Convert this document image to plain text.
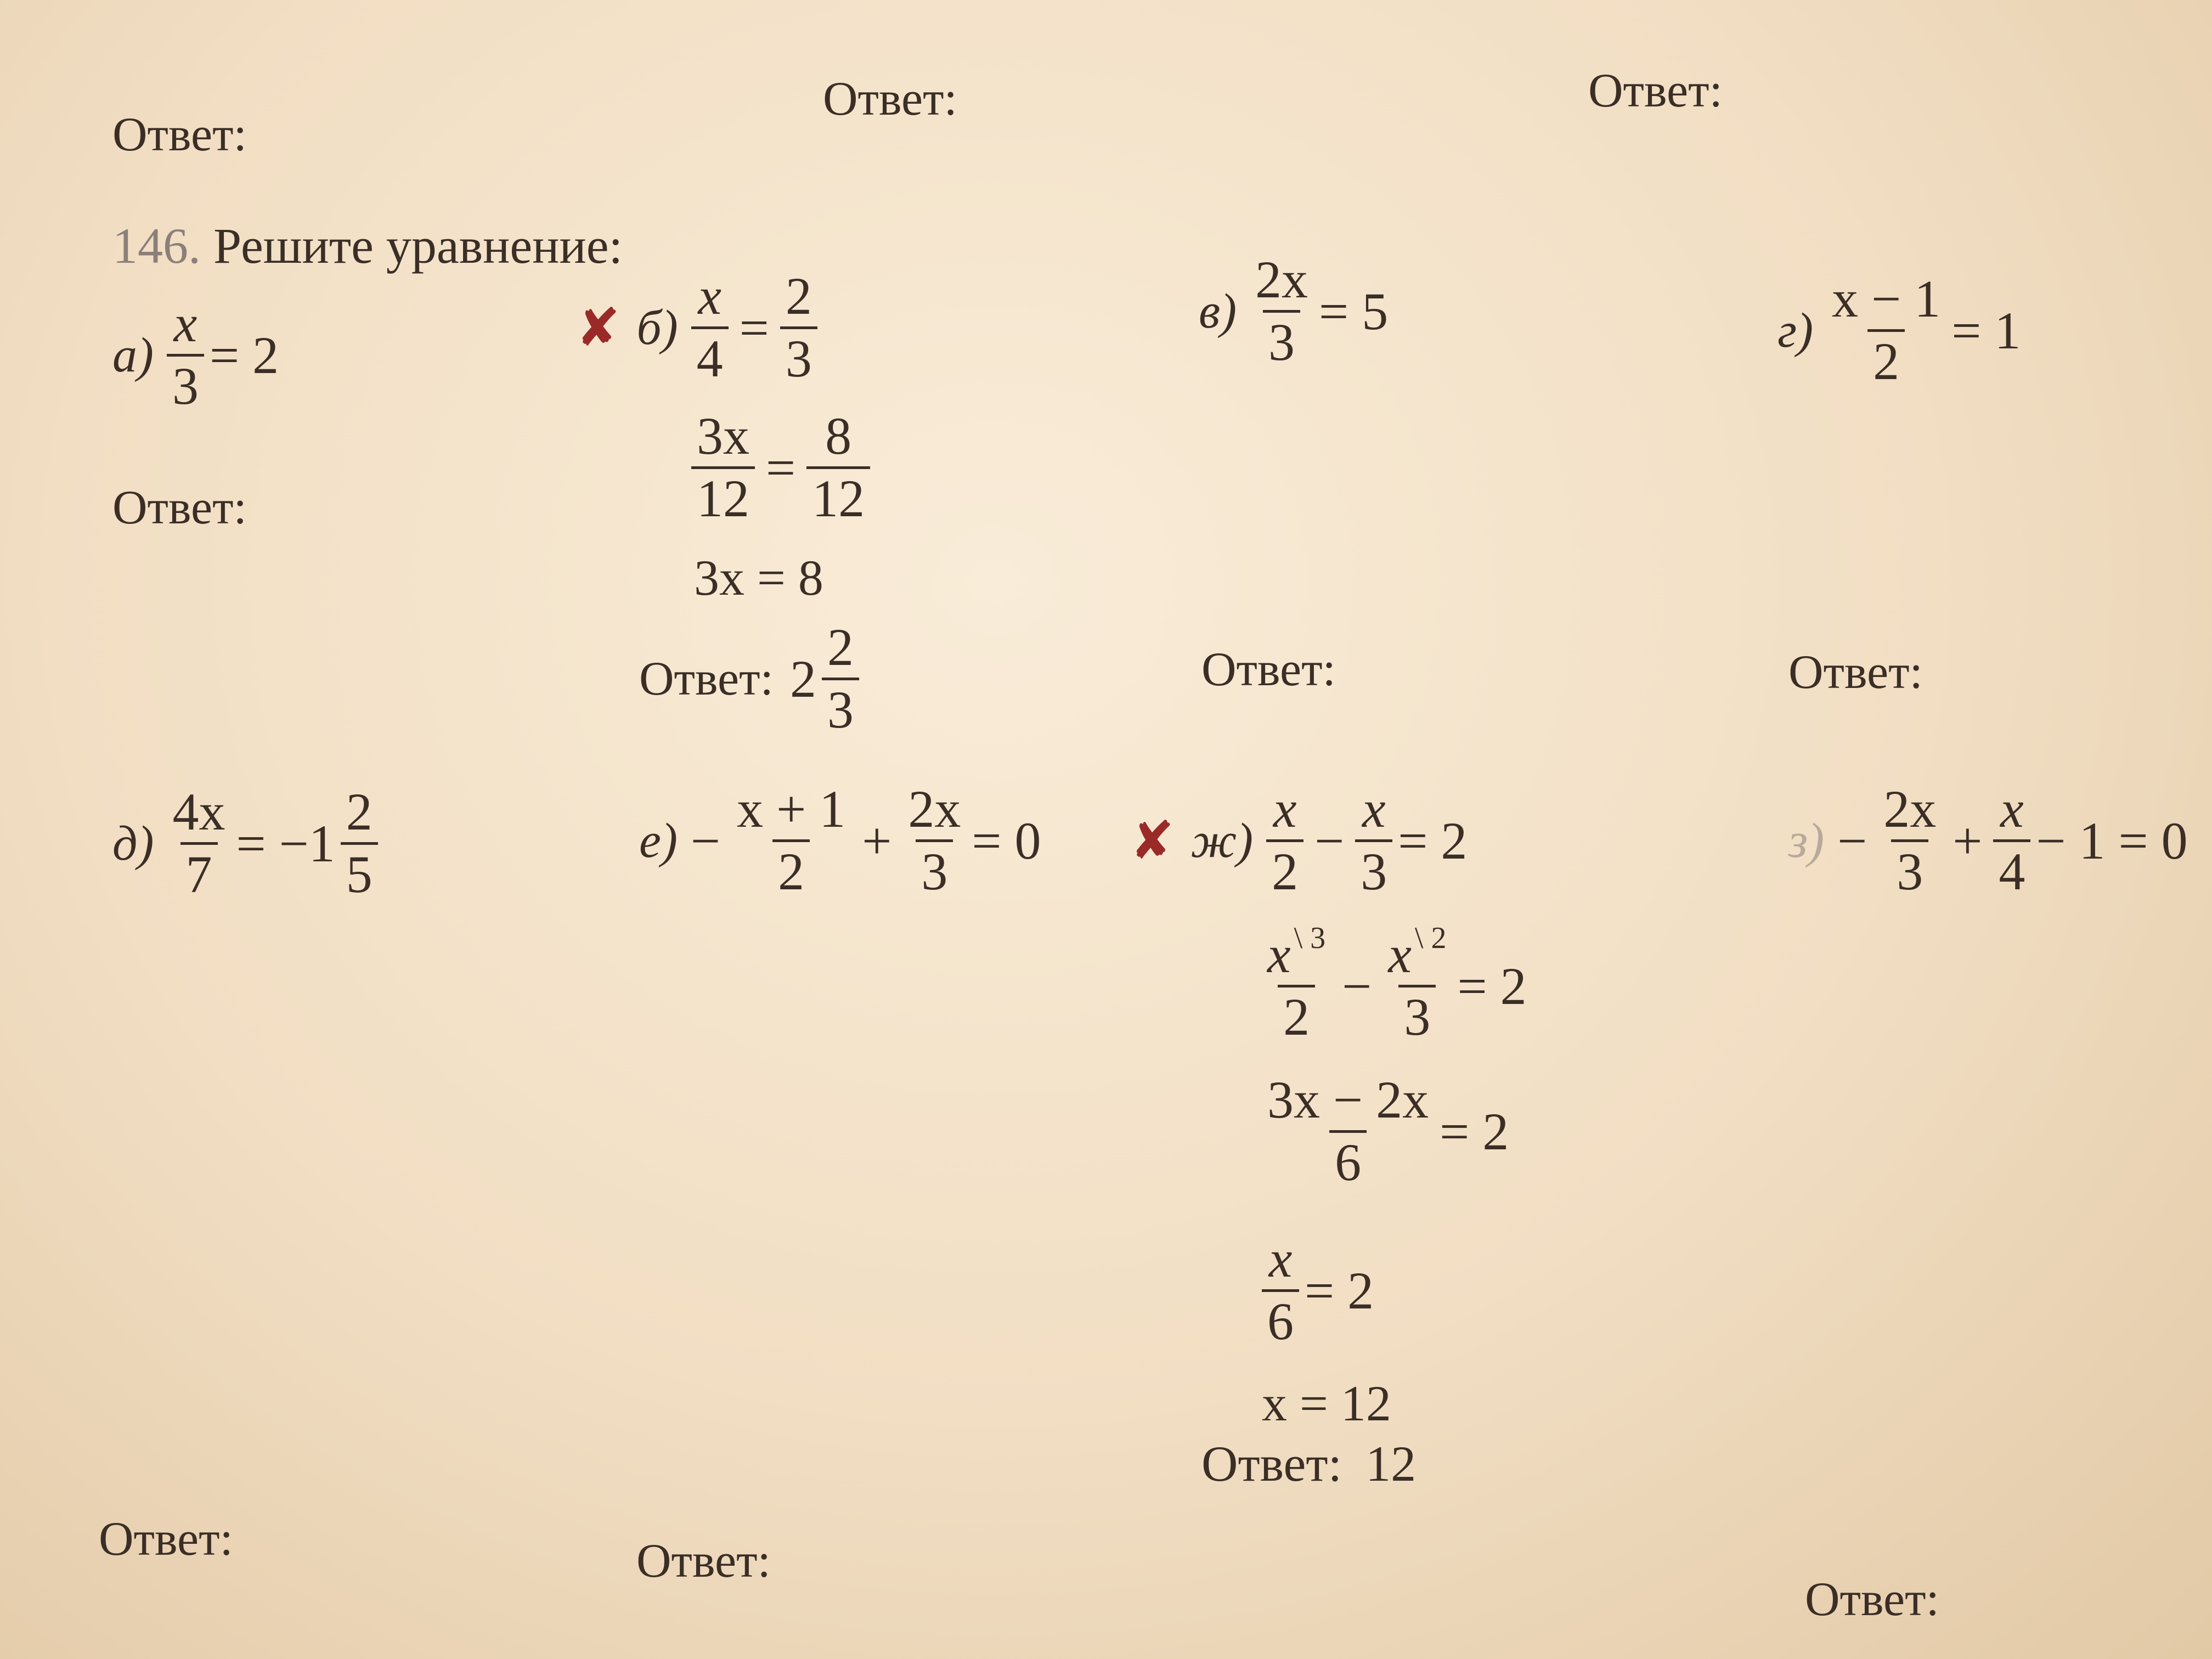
Ответ:
Ответ:	Ответ:
146. Решите уравнение:
$а) \frac{x}{3} = 2$
Ответ:
✘ $б) \frac{x}{4} = \frac{2}{3}$
$\frac{3x}{12} = \frac{8}{12}$
3x = 8
Ответ: $2 \frac{2}{3}$
$в) \frac{2x}{3} = 5$
Ответ:
$г) \frac{x - 1}{2} = 1$
Ответ:
$д) \frac{4x}{7} = -1 \frac{2}{5}$
Ответ:
$е) - \frac{x + 1}{2} + \frac{2x}{3} = 0$
Ответ:
✘ $ж) \frac{x}{2} - \frac{x}{3} = 2$
$\frac{x ^{\backslash 3}}{2} - \frac{x ^{\backslash 2}}{3} = 2$
$\frac{3x - 2x}{6} = 2$
$\frac{x}{6} = 2$
x = 12
Ответ: 12
$з) - \frac{2x}{3} + \frac{x}{4} - 1 = 0$
Ответ:
